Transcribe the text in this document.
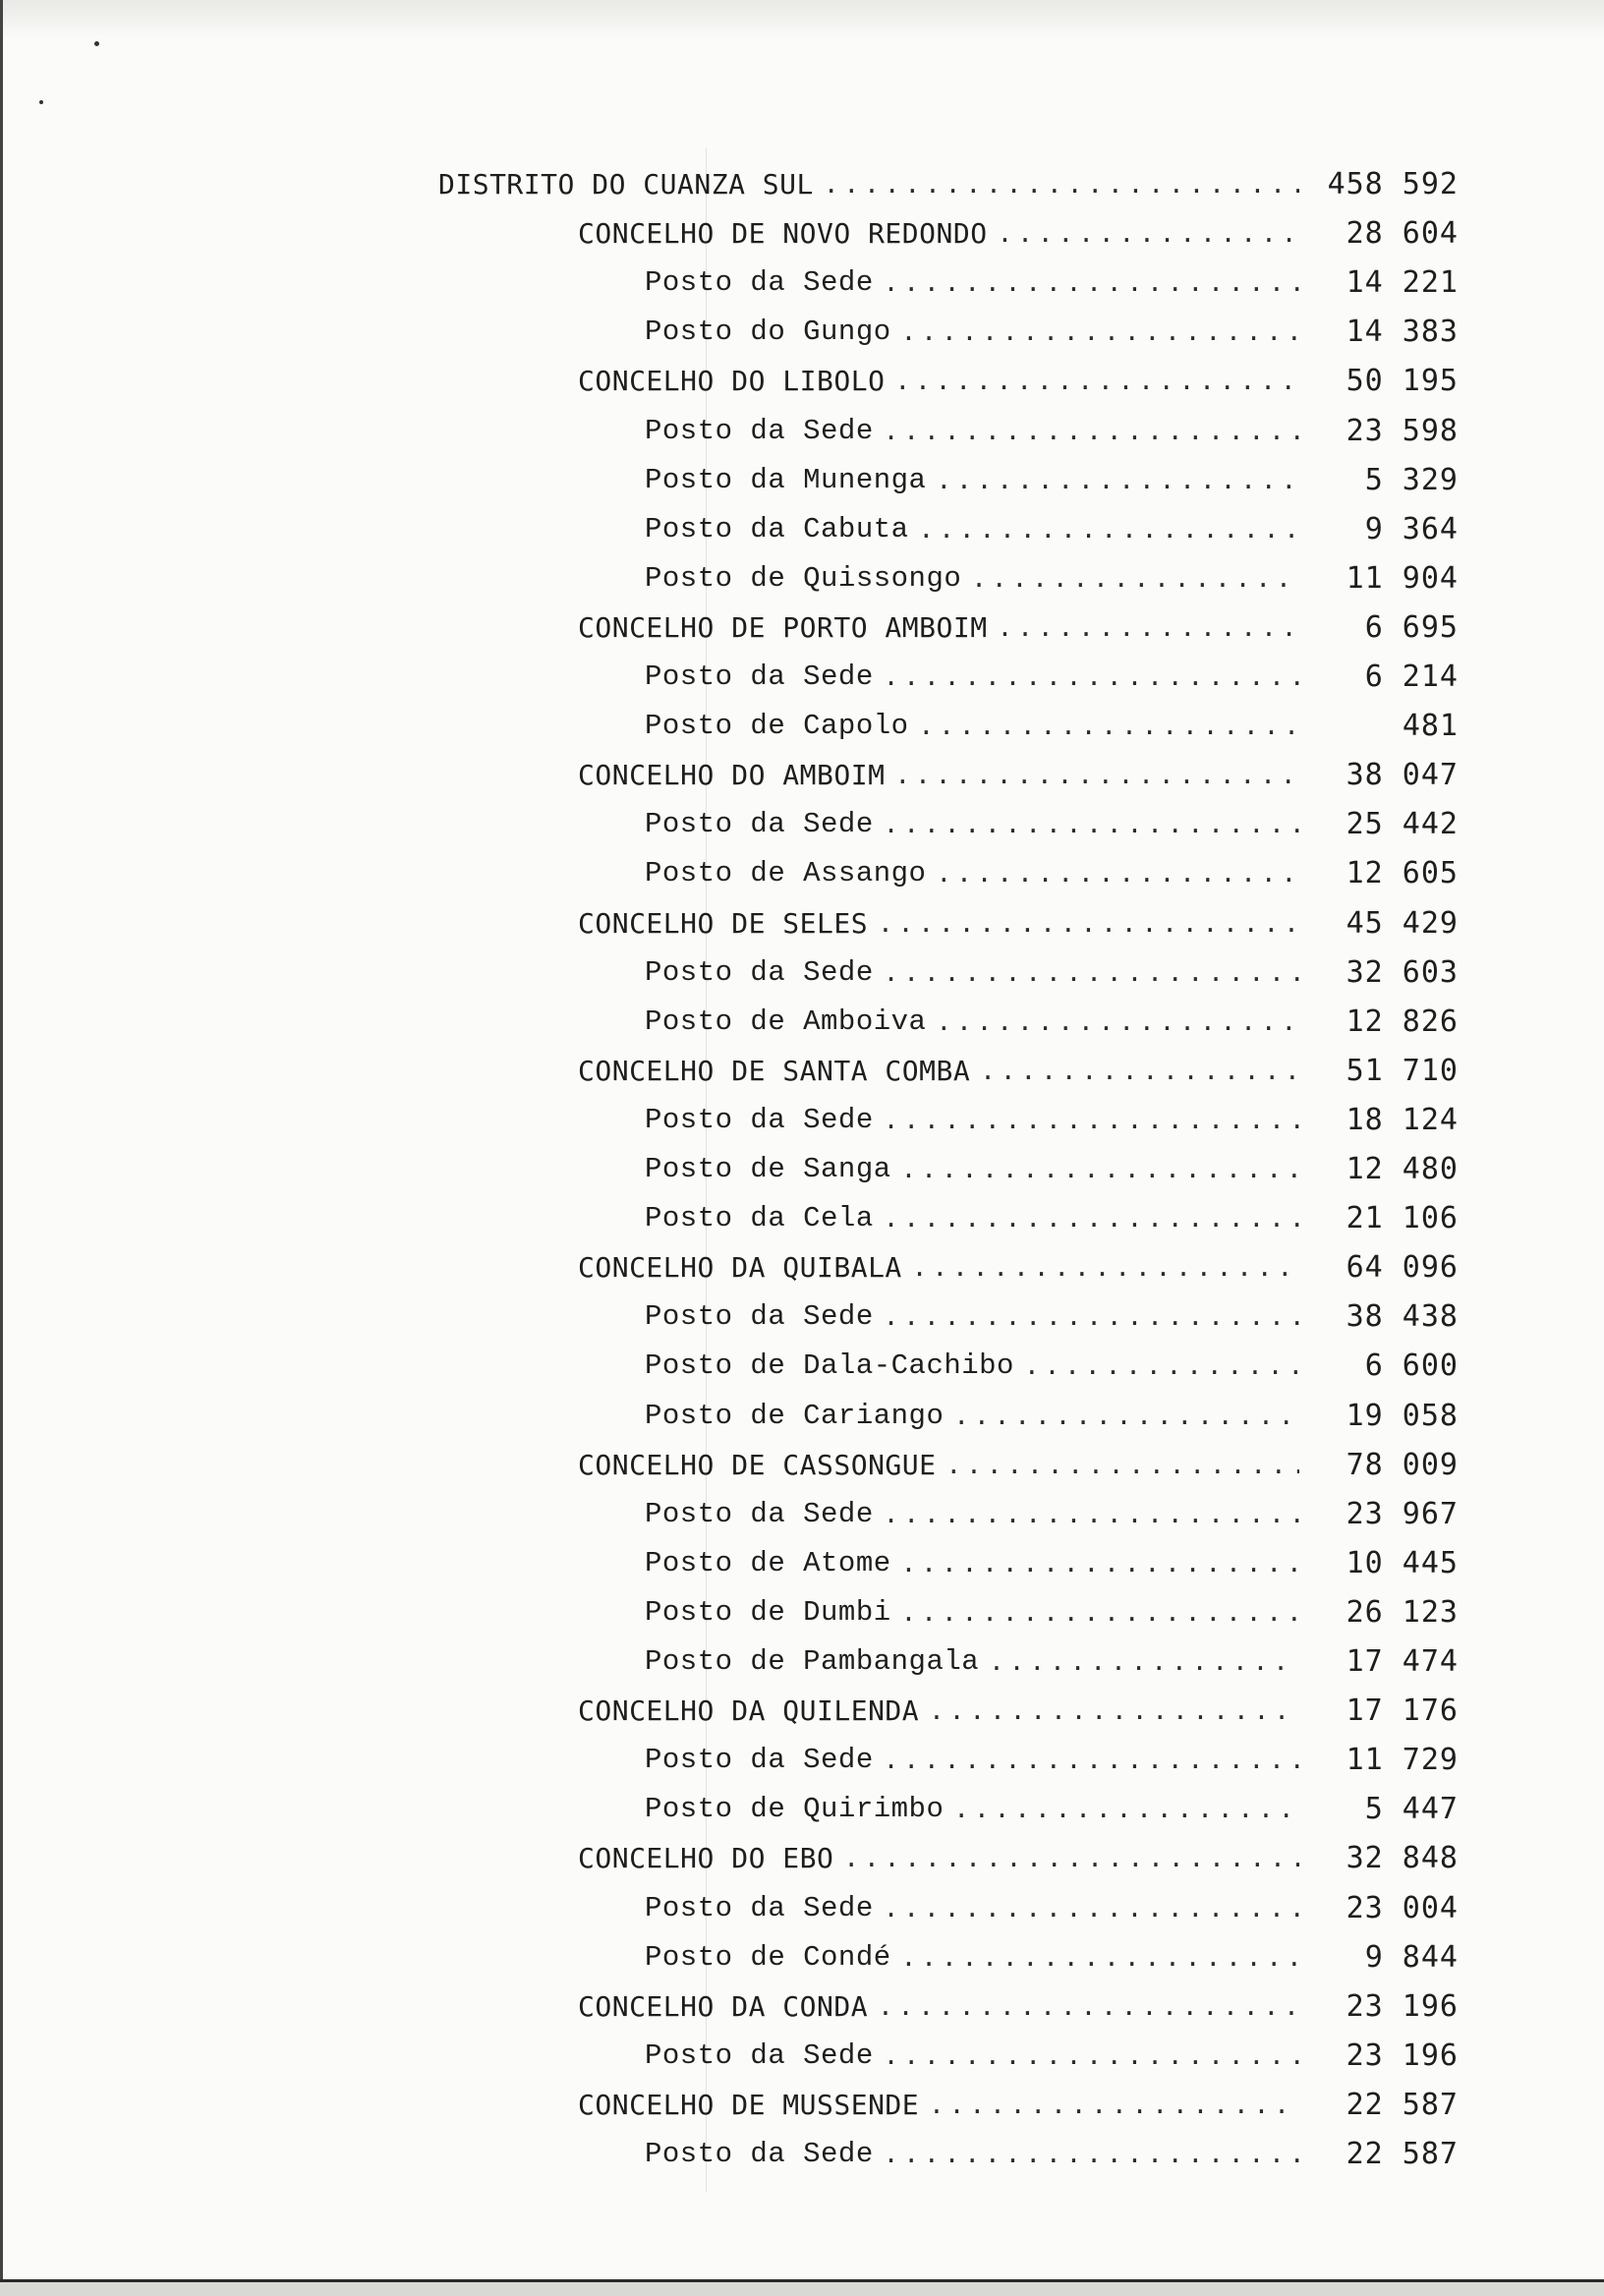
DISTRITO DO CUANZA SUL .....	458 592
CONCELHO DE NOVO REDONDO .....	28 604
Posto da Sede .....	14 221
Posto do Gungo .....	14 383
CONCELHO DO LIBOLO .....	50 195
Posto da Sede .....	23 598
Posto da Munenga .....	5 329
Posto da Cabuta .....	9 364
Posto de Quissongo .....	11 904
CONCELHO DE PORTO AMBOIM .....	6 695
Posto da Sede .....	6 214
Posto de Capolo .....	481
CONCELHO DO AMBOIM .....	38 047
Posto da Sede .....	25 442
Posto de Assango .....	12 605
CONCELHO DE SELES .....	45 429
Posto da Sede .....	32 603
Posto de Amboiva .....	12 826
CONCELHO DE SANTA COMBA .....	51 710
Posto da Sede .....	18 124
Posto de Sanga .....	12 480
Posto da Cela .....	21 106
CONCELHO DA QUIBALA .....	64 096
Posto da Sede .....	38 438
Posto de Dala-Cachibo .....	6 600
Posto de Cariango .....	19 058
CONCELHO DE CASSONGUE .....	78 009
Posto da Sede .....	23 967
Posto de Atome .....	10 445
Posto de Dumbi .....	26 123
Posto de Pambangala .....	17 474
CONCELHO DA QUILENDA .....	17 176
Posto da Sede .....	11 729
Posto de Quirimbo .....	5 447
CONCELHO DO EBO .....	32 848
Posto da Sede .....	23 004
Posto de Condé .....	9 844
CONCELHO DA CONDA .....	23 196
Posto da Sede .....	23 196
CONCELHO DE MUSSENDE .....	22 587
Posto da Sede .....	22 587
